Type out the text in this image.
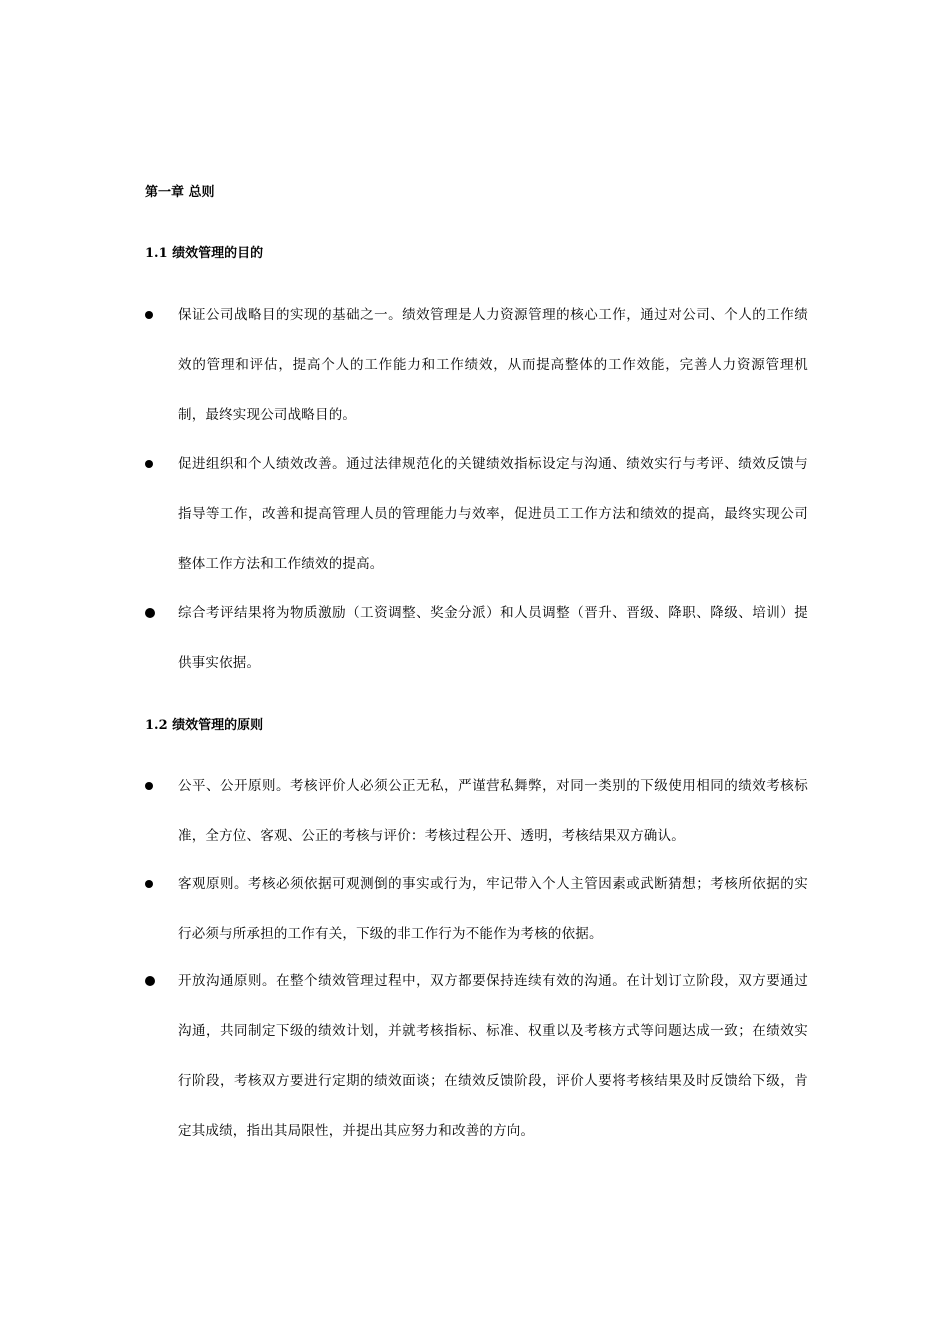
第一章 总则
1.1 绩效管理的目的
保证公司战略目的实现的基础之一。绩效管理是人力资源管理的核心工作，通过对公司、个人的工作绩效的管理和评估，提高个人的工作能力和工作绩效，从而提高整体的工作效能，完善人力资源管理机制，最终实现公司战略目的。
促进组织和个人绩效改善。通过法律规范化的关键绩效指标设定与沟通、绩效实行与考评、绩效反馈与指导等工作，改善和提高管理人员的管理能力与效率，促进员工工作方法和绩效的提高，最终实现公司整体工作方法和工作绩效的提高。
综合考评结果将为物质激励（工资调整、奖金分派）和人员调整（晋升、晋级、降职、降级、培训）提供事实依据。
1.2 绩效管理的原则
公平、公开原则。考核评价人必须公正无私，严谨营私舞弊，对同一类别的下级使用相同的绩效考核标准，全方位、客观、公正的考核与评价：考核过程公开、透明，考核结果双方确认。
客观原则。考核必须依据可观测倒的事实或行为，牢记带入个人主管因素或武断猜想；考核所依据的实行必须与所承担的工作有关，下级的非工作行为不能作为考核的依据。
开放沟通原则。在整个绩效管理过程中，双方都要保持连续有效的沟通。在计划订立阶段，双方要通过沟通，共同制定下级的绩效计划，并就考核指标、标准、权重以及考核方式等问题达成一致；在绩效实行阶段，考核双方要进行定期的绩效面谈；在绩效反馈阶段，评价人要将考核结果及时反馈给下级，肯定其成绩，指出其局限性，并提出其应努力和改善的方向。
